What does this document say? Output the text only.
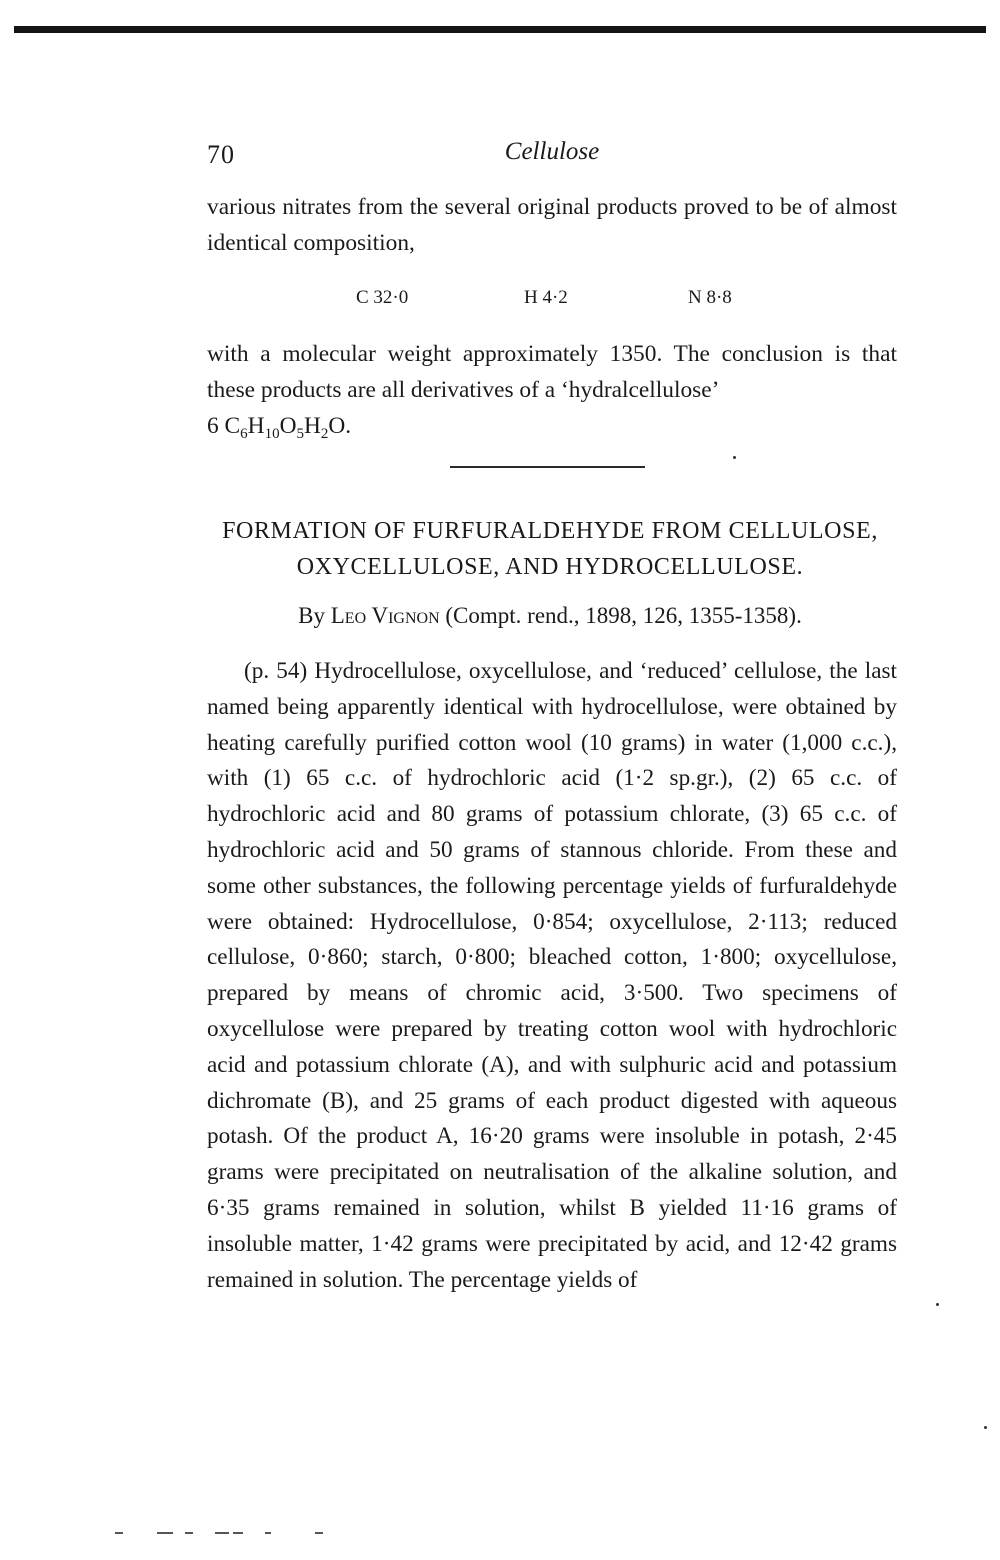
70	Cellulose
various nitrates from the several original products proved to be of almost identical composition,
C 32·0	H 4·2	N 8·8
with a molecular weight approximately 1350. The conclusion is that these products are all derivatives of a ‘hydralcellulose’
6 $C_6H_{10}O_5H_2O$.
FORMATION OF FURFURALDEHYDE FROM CELLULOSE, OXYCELLULOSE, AND HYDROCELLULOSE.
By Leo Vignon (Compt. rend., 1898, 126, 1355-1358).
(p. 54) Hydrocellulose, oxycellulose, and ‘reduced’ cellulose, the last named being apparently identical with hydrocellulose, were obtained by heating carefully purified cotton wool (10 grams) in water (1,000 c.c.), with (1) 65 c.c. of hydrochloric acid (1·2 sp.gr.), (2) 65 c.c. of hydrochloric acid and 80 grams of potassium chlorate, (3) 65 c.c. of hydrochloric acid and 50 grams of stannous chloride. From these and some other substances, the following percentage yields of furfuraldehyde were obtained: Hydrocellulose, 0·854; oxycellulose, 2·113; reduced cellulose, 0·860; starch, 0·800; bleached cotton, 1·800; oxycellulose, prepared by means of chromic acid, 3·500. Two specimens of oxycellulose were prepared by treating cotton wool with hydrochloric acid and potassium chlorate (A), and with sulphuric acid and potassium dichromate (B), and 25 grams of each product digested with aqueous potash. Of the product A, 16·20 grams were insoluble in potash, 2·45 grams were precipitated on neutralisation of the alkaline solution, and 6·35 grams remained in solution, whilst B yielded 11·16 grams of insoluble matter, 1·42 grams were precipitated by acid, and 12·42 grams remained in solution. The percentage yields of
